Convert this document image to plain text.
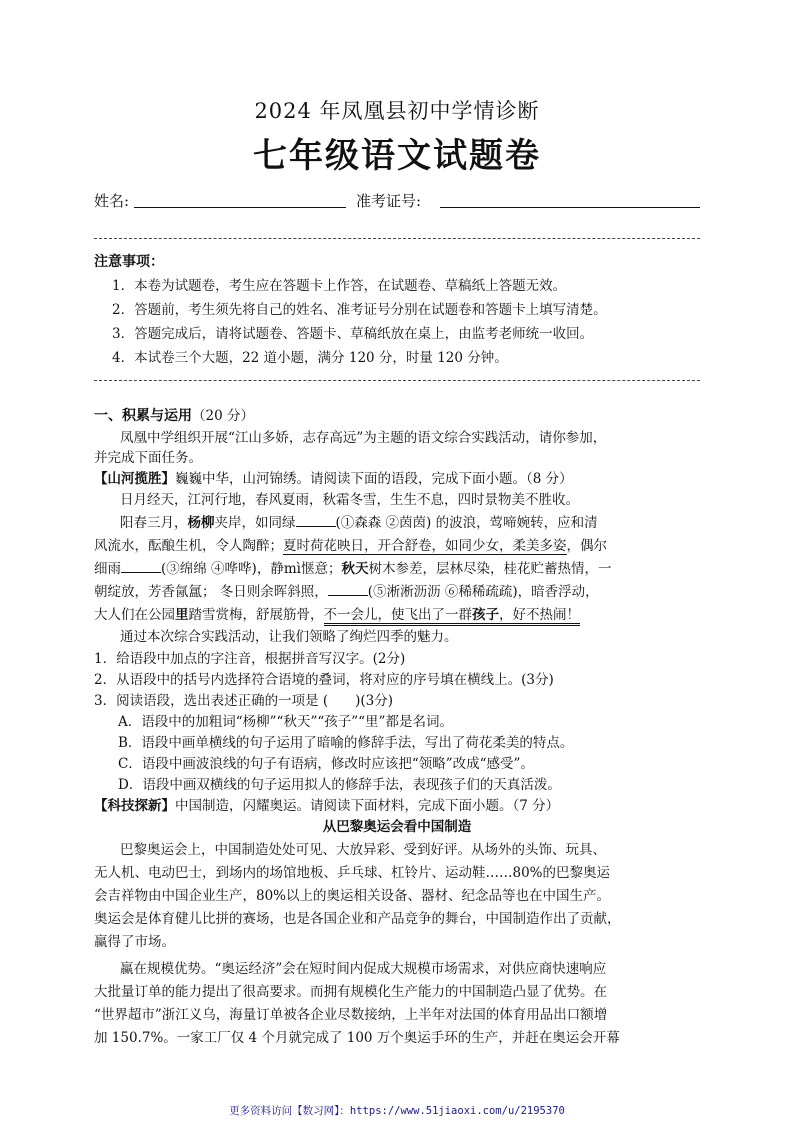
2024 年凤凰县初中学情诊断
七年级语文试题卷
姓名:	准考证号:
注意事项：
1．本卷为试题卷，考生应在答题卡上作答，在试题卷、草稿纸上答题无效。
2．答题前，考生须先将自己的姓名、准考证号分别在试题卷和答题卡上填写清楚。
3．答题完成后，请将试题卷、答题卡、草稿纸放在桌上，由监考老师统一收回。
4．本试卷三个大题，22 道小题，满分 120 分，时量 120 分钟。
一、积累与运用（20 分）
凤凰中学组织开展“江山多娇，志存高远”为主题的语文综合实践活动，请你参加，
并完成下面任务。
【山河揽胜】巍巍中华，山河锦绣。请阅读下面的语段，完成下面小题。（8 分）
日月经天，江河行地，春风夏雨，秋霜冬雪，生生不息，四时景物美不胜收。
阳春三月，杨柳夹岸，如同绿	(①森森 ②茵茵) 的波浪，莺啼婉转，应和清
风流水，酝酿生机，令人陶醉；夏时荷花映日，开合舒卷，如同少女，柔美多姿，偶尔
细雨	(③绵绵 ④哗哗)，静mì惬意；秋天树木参差，层林尽染，桂花贮蓄热情，一
朝绽放，芳香氤氲； 冬日则余晖斜照，	(⑤淅淅沥沥 ⑥稀稀疏疏)，暗香浮动，
大人们在公园里踏雪赏梅，舒展筋骨，不一会儿，使飞出了一群孩子，好不热闹！
通过本次综合实践活动，让我们领略了绚烂四季的魅力。
1．给语段中加点的字注音，根据拼音写汉字。(2分)
2．从语段中的括号内选择符合语境的叠词，将对应的序号填在横线上。(3分)
3．阅读语段，选出表述正确的一项是 (　　)(3分)
A．语段中的加粗词“杨柳”“秋天”“孩子”“里”都是名词。
B．语段中画单横线的句子运用了暗喻的修辞手法，写出了荷花柔美的特点。
C．语段中画波浪线的句子有语病，修改时应该把“领略”改成“感受”。
D．语段中画双横线的句子运用拟人的修辞手法，表现孩子们的天真活泼。
【科技探新】中国制造，闪耀奥运。请阅读下面材料，完成下面小题。（7 分）
从巴黎奥运会看中国制造
巴黎奥运会上，中国制造处处可见、大放异彩、受到好评。从场外的头饰、玩具、
无人机、电动巴士，到场内的场馆地板、乒乓球、杠铃片、运动鞋……80%的巴黎奥运
会吉祥物由中国企业生产，80%以上的奥运相关设备、器材、纪念品等也在中国生产。
奥运会是体育健儿比拼的赛场，也是各国企业和产品竞争的舞台，中国制造作出了贡献，
赢得了市场。
赢在规模优势。“奥运经济”会在短时间内促成大规模市场需求，对供应商快速响应
大批量订单的能力提出了很高要求。而拥有规模化生产能力的中国制造凸显了优势。在
“世界超市”浙江义乌，海量订单被各企业尽数接纳，上半年对法国的体育用品出口额增
加 150.7%。一家工厂仅 4 个月就完成了 100 万个奥运手环的生产，并赶在奥运会开幕
更多资料访问【数习网】：https://www.51jiaoxi.com/u/2195370
